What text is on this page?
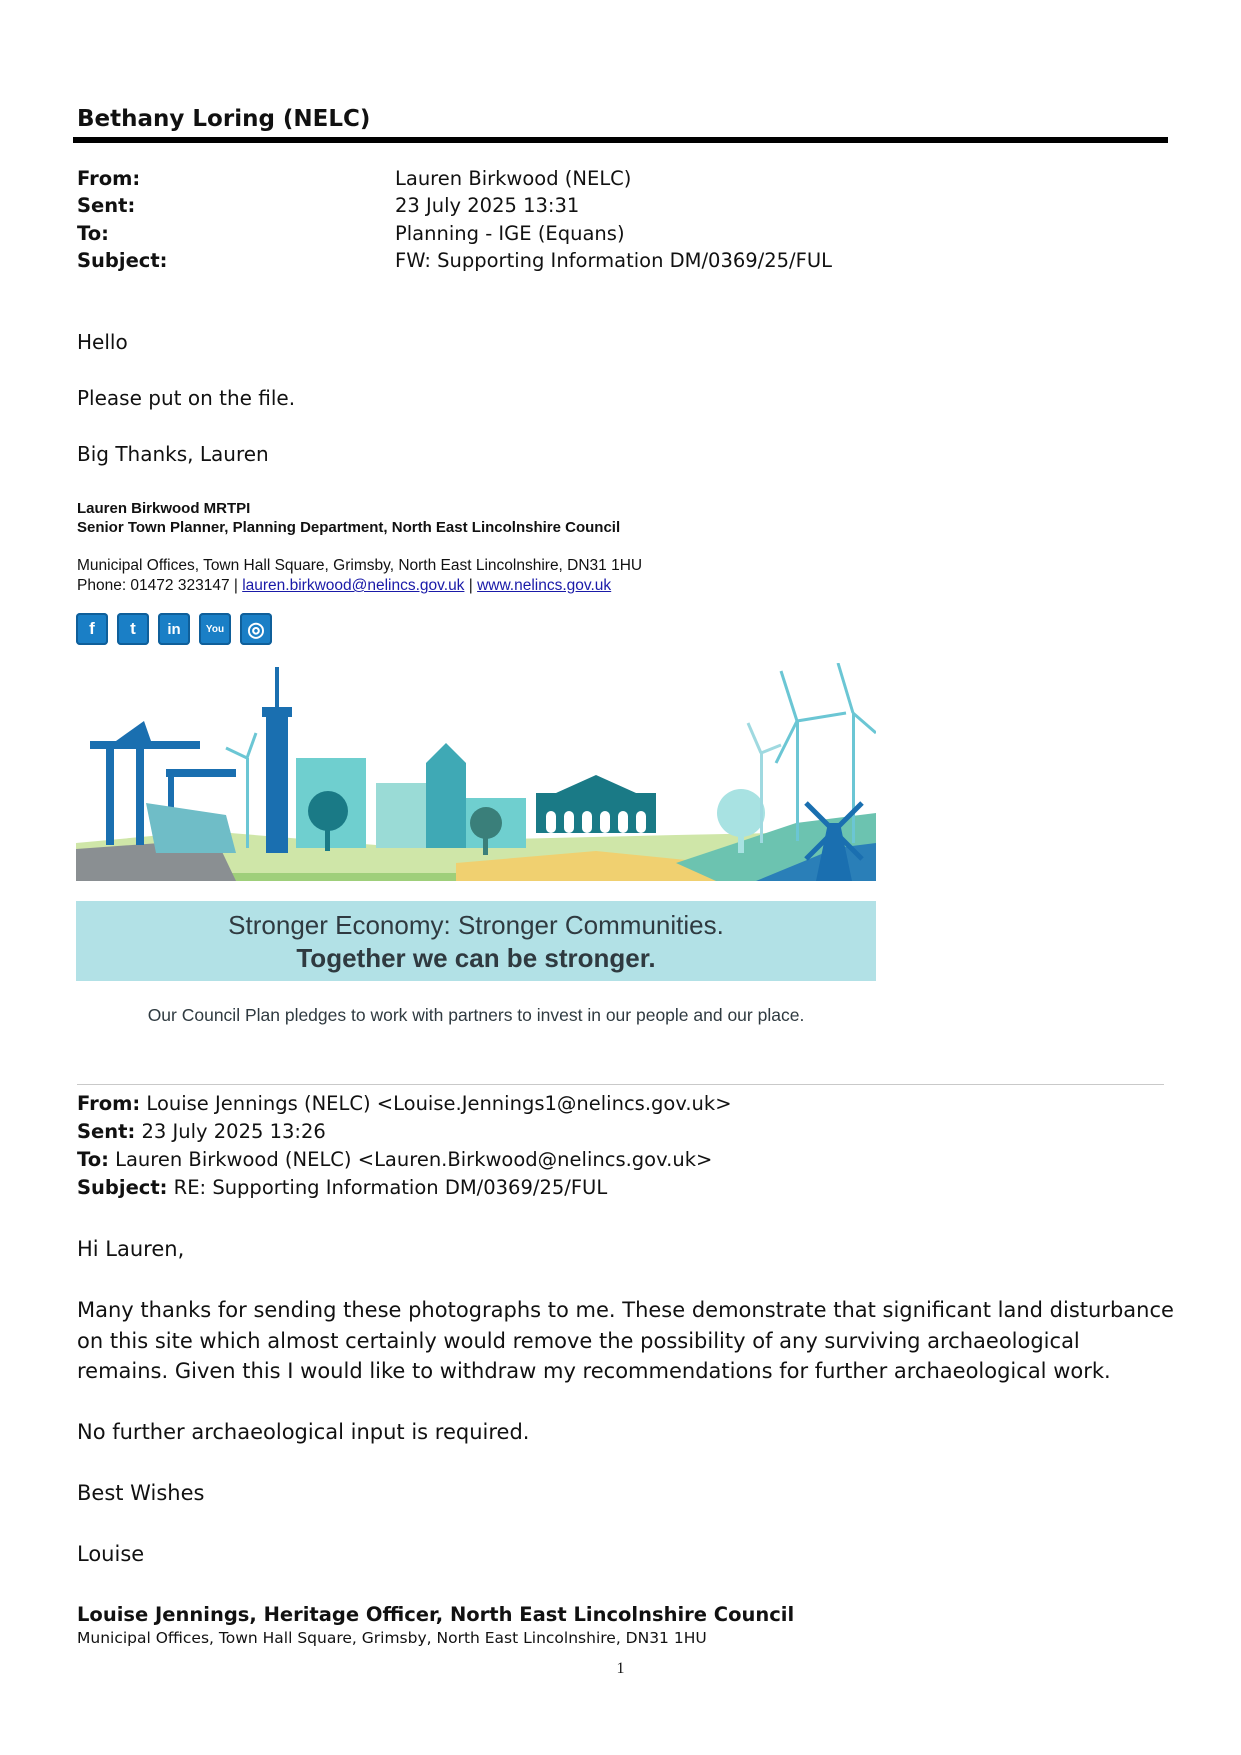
Bethany Loring (NELC)
From:	Lauren Birkwood (NELC)
Sent:	23 July 2025 13:31
To:	Planning - IGE (Equans)
Subject:	FW: Supporting Information DM/0369/25/FUL
Hello
Please put on the file.
Big Thanks, Lauren
Lauren Birkwood MRTPI
Senior Town Planner, Planning Department, North East Lincolnshire Council
Municipal Offices, Town Hall Square, Grimsby, North East Lincolnshire, DN31 1HU
Phone: 01472 323147 | lauren.birkwood@nelincs.gov.uk | www.nelincs.gov.uk
f	t	in	You	◎
Stronger Economy: Stronger Communities.
Together we can be stronger.
Our Council Plan pledges to work with partners to invest in our people and our place.
From: Louise Jennings (NELC) <Louise.Jennings1@nelincs.gov.uk>
Sent: 23 July 2025 13:26
To: Lauren Birkwood (NELC) <Lauren.Birkwood@nelincs.gov.uk>
Subject: RE: Supporting Information DM/0369/25/FUL
Hi Lauren,
Many thanks for sending these photographs to me. These demonstrate that significant land disturbance on this site which almost certainly would remove the possibility of any surviving archaeological remains. Given this I would like to withdraw my recommendations for further archaeological work.
No further archaeological input is required.
Best Wishes
Louise
Louise Jennings, Heritage Officer, North East Lincolnshire Council
Municipal Offices, Town Hall Square, Grimsby, North East Lincolnshire, DN31 1HU
1
